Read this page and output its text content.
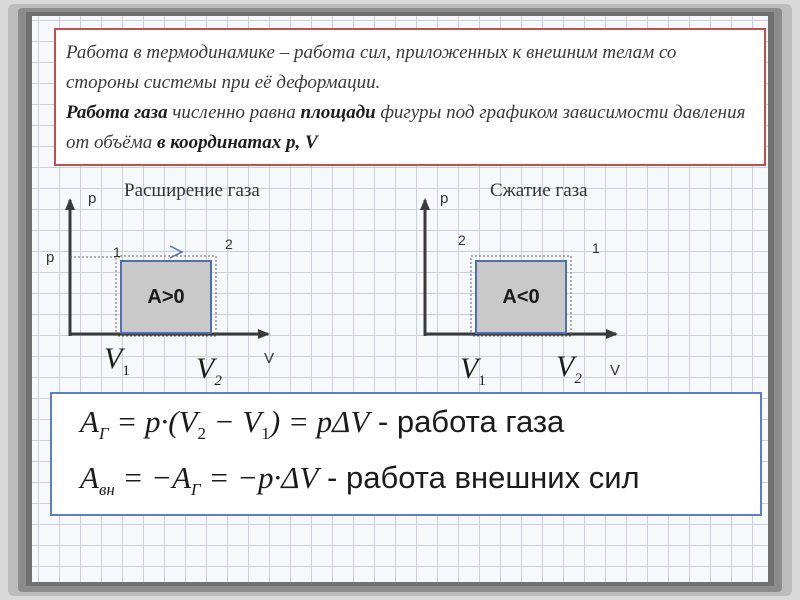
Работа в термодинамике – работа сил, приложенных к внешним телам со стороны системы при её деформации.
Работа газа численно равна площади фигуры под графиком зависимости давления от объёма в координатах p, V
Расширение газа	Сжатие газа
p
p	1	2
A>0
V
$V_1$ $V_2$
p
2	1
A<0
V
$V_1$ $V_2$
$A_Г = p\cdot(V_2 - V_1) = p\Delta V$ - работа газа
$A_{вн} = -A_Г = -p\cdot\Delta V$ - работа внешних сил
